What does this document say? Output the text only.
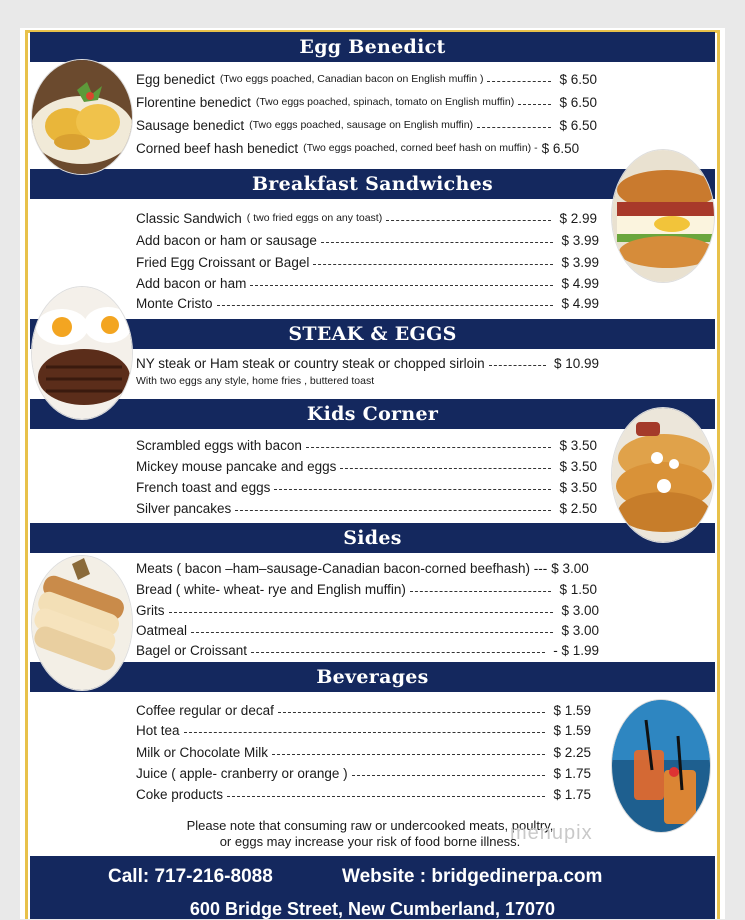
Egg Benedict
Breakfast Sandwiches
STEAK & EGGS
Kids Corner
Sides
Beverages
Egg benedict (Two eggs poached, Canadian bacon on English muffin )	$ 6.50
Florentine benedict (Two eggs poached, spinach, tomato on English muffin)	$ 6.50
Sausage benedict (Two eggs poached, sausage on English muffin)	$ 6.50
Corned beef hash benedict (Two eggs poached, corned beef hash on muffin) - $ 6.50
Classic Sandwich ( two fried eggs on any toast)	$ 2.99
Add bacon or ham or sausage	$ 3.99
Fried Egg Croissant or Bagel	$ 3.99
Add bacon or ham	$ 4.99
Monte Cristo	$ 4.99
NY steak or Ham steak or country steak or chopped sirloin	$ 10.99
With two eggs any style, home fries , buttered toast
Scrambled eggs with bacon	$ 3.50
Mickey mouse pancake and eggs	$ 3.50
French toast and eggs	$ 3.50
Silver pancakes	$ 2.50
Meats ( bacon –ham–sausage-Canadian bacon-corned beefhash) --- $ 3.00
Bread ( white- wheat- rye and English muffin)	$ 1.50
Grits	$ 3.00
Oatmeal	$ 3.00
Bagel or Croissant	- $ 1.99
Coffee regular or decaf	$ 1.59
Hot tea	$ 1.59
Milk or Chocolate Milk	$ 2.25
Juice ( apple- cranberry or orange )	$ 1.75
Coke products	$ 1.75
Please note that consuming raw or undercooked meats, poultry,
or eggs may increase your risk of food borne illness.
menupix
Call: 717-216-8088	Website : bridgedinerpa.com
600 Bridge Street, New Cumberland, 17070
